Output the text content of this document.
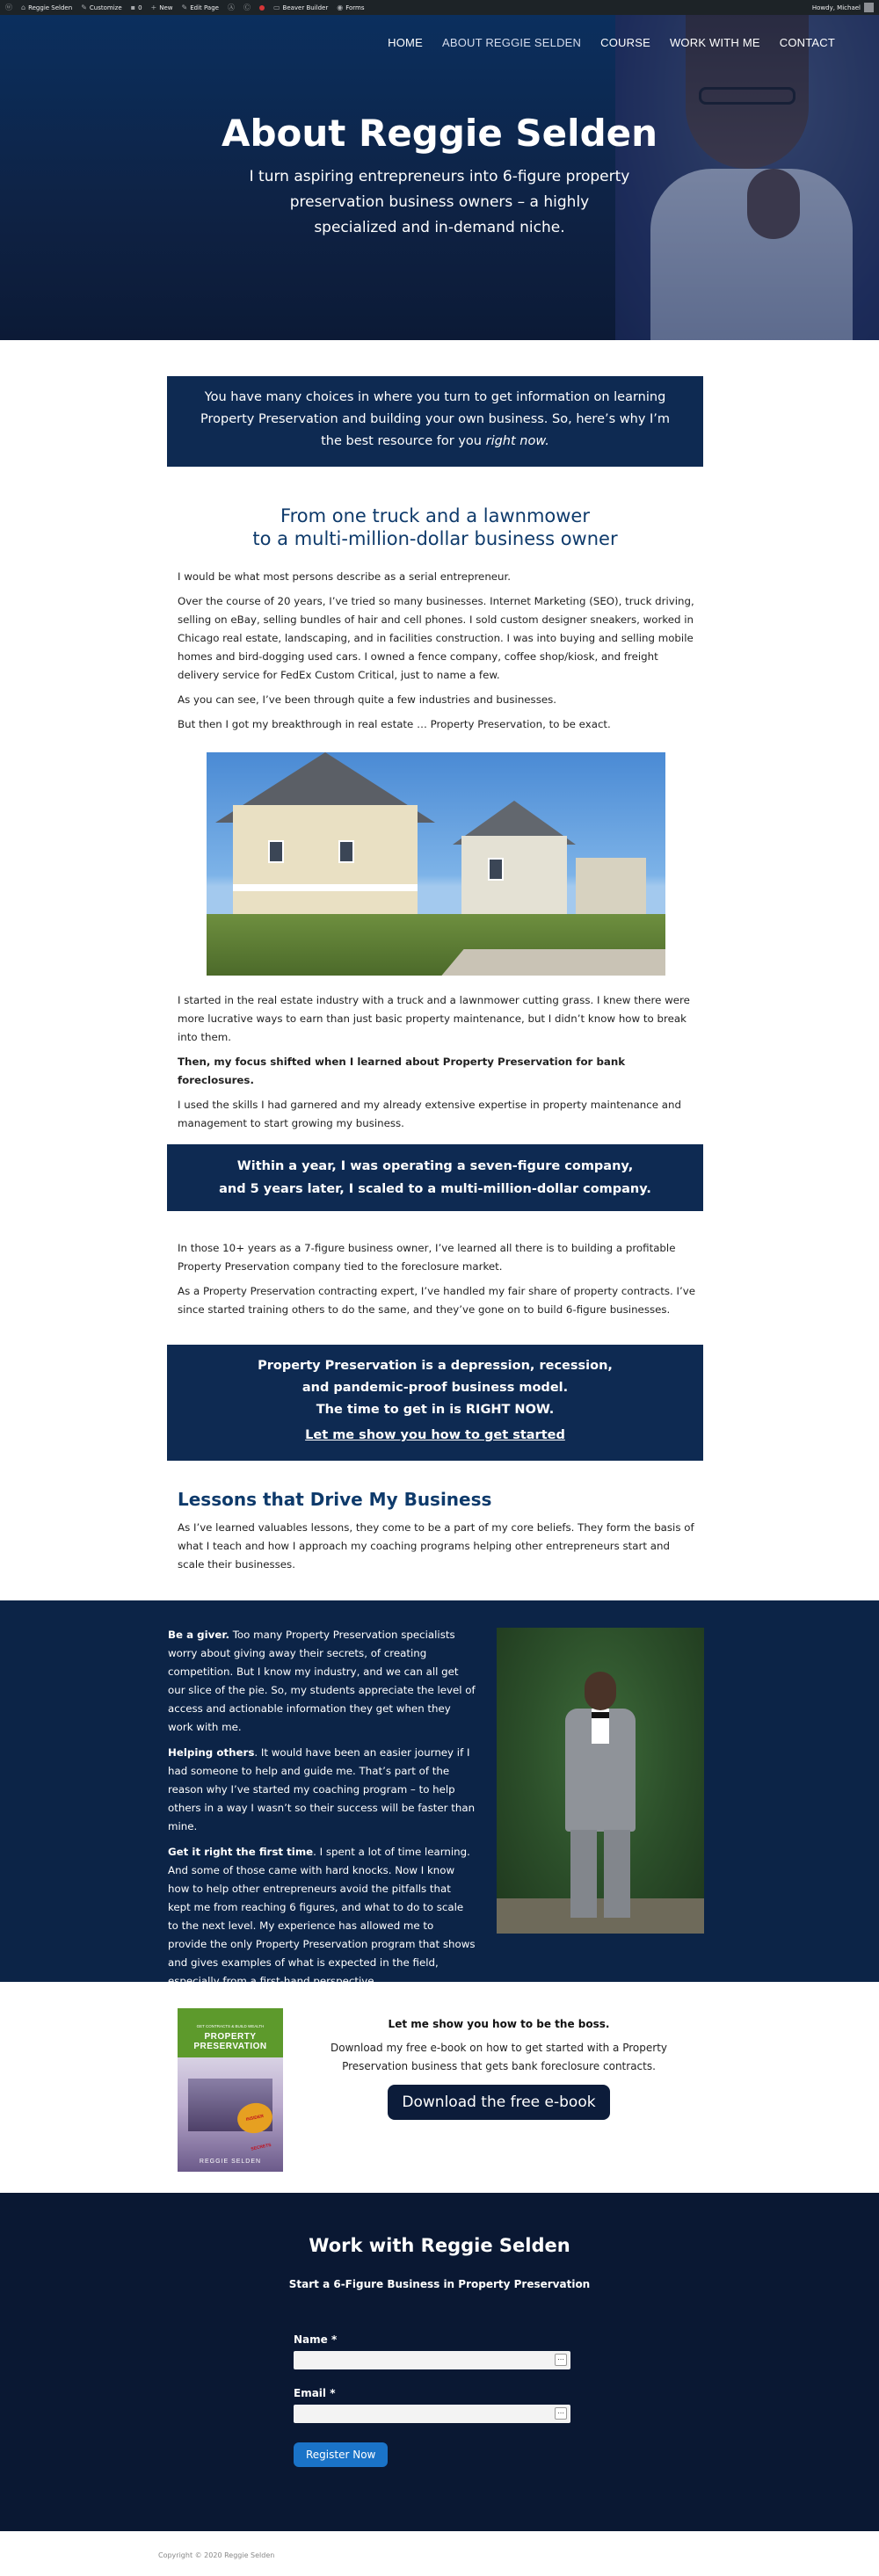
ⓦ ⌂ Reggie Selden ✎ Customize ▪ 0 + New ✎ Edit Page Ⓐ Ⓒ	▭ Beaver Builder ◉ Forms	Howdy, Michael
HOME ABOUT REGGIE SELDEN COURSE WORK WITH ME CONTACT
About Reggie Selden

I turn aspiring entrepreneurs into 6-figure property preservation business owners – a highly specialized and in-demand niche.

You have many choices in where you turn to get information on learning Property Preservation and building your own business. So, here’s why I’m the best resource for you right now.
From one truck and a lawnmower
to a multi-million-dollar business owner

I would be what most persons describe as a serial entrepreneur.

Over the course of 20 years, I’ve tried so many businesses. Internet Marketing (SEO), truck driving, selling on eBay, selling bundles of hair and cell phones. I sold custom designer sneakers, worked in Chicago real estate, landscaping, and in facilities construction. I was into buying and selling mobile homes and bird-dogging used cars. I owned a fence company, coffee shop/kiosk, and freight delivery service for FedEx Custom Critical, just to name a few.

As you can see, I’ve been through quite a few industries and businesses.

But then I got my breakthrough in real estate … Property Preservation, to be exact.

I started in the real estate industry with a truck and a lawnmower cutting grass. I knew there were more lucrative ways to earn than just basic property maintenance, but I didn’t know how to break into them.

Then, my focus shifted when I learned about Property Preservation for bank foreclosures.

I used the skills I had garnered and my already extensive expertise in property maintenance and management to start growing my business.

Within a year, I was operating a seven-figure company,
and 5 years later, I scaled to a multi-million-dollar company.

In those 10+ years as a 7-figure business owner, I’ve learned all there is to building a profitable Property Preservation company tied to the foreclosure market.

As a Property Preservation contracting expert, I’ve handled my fair share of property contracts. I’ve since started training others to do the same, and they’ve gone on to build 6-figure businesses.

Property Preservation is a depression, recession,
and pandemic-proof business model.
The time to get in is RIGHT NOW.
Let me show you how to get started
Lessons that Drive My Business

As I’ve learned valuables lessons, they come to be a part of my core beliefs. They form the basis of what I teach and how I approach my coaching programs helping other entrepreneurs start and scale their businesses.

Be a giver. Too many Property Preservation specialists worry about giving away their secrets, of creating competition. But I know my industry, and we can all get our slice of the pie. So, my students appreciate the level of access and actionable information they get when they work with me.

Helping others. It would have been an easier journey if I had someone to help and guide me. That’s part of the reason why I’ve started my coaching program – to help others in a way I wasn’t so their success will be faster than mine.

Get it right the first time. I spent a lot of time learning. And some of those came with hard knocks. Now I know how to help other entrepreneurs avoid the pitfalls that kept me from reaching 6 figures, and what to do to scale to the next level. My experience has allowed me to provide the only Property Preservation program that shows and gives examples of what is expected in the field, especially from a first-hand perspective.

GET CONTRACTS & BUILD WEALTH
PROPERTY PRESERVATION
INSIDER SECRETS
REGGIE SELDEN
Let me show you how to be the boss.
Download my free e-book on how to get started with a Property Preservation business that gets bank foreclosure contracts.
Download the free e-book
Work with Reggie Selden
Start a 6-Figure Business in Property Preservation
Name *
⋯
Email *
⋯
Register Now
Copyright © 2020 Reggie Selden
